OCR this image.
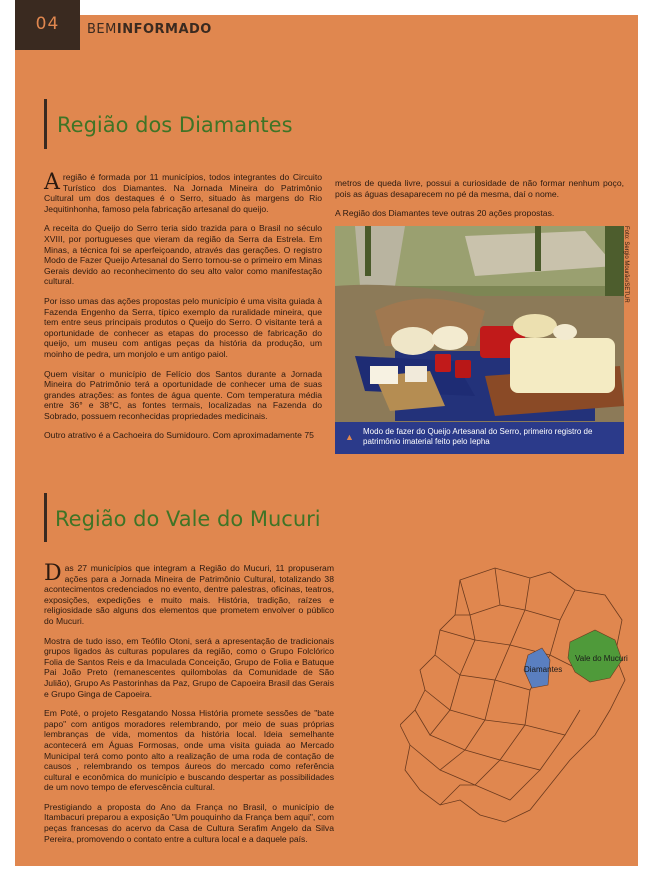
04	BEMINFORMADO
Região dos Diamantes

Aregião é formada por 11 municípios, todos integrantes do Circuito Turístico dos Diamantes. Na Jornada Mineira do Patrimônio Cultural um dos destaques é o Serro, situado às margens do Rio Jequitinhonha, famoso pela fabricação artesanal do queijo.

A receita do Queijo do Serro teria sido trazida para o Brasil no século XVIII, por portugueses que vieram da região da Serra da Estrela. Em Minas, a técnica foi se aperfeiçoando, através das gerações. O registro Modo de Fazer Queijo Artesanal do Serro tornou-se o primeiro em Minas Gerais devido ao reconhecimento do seu alto valor como manifestação cultural.

Por isso umas das ações propostas pelo município é uma visita guiada à Fazenda Engenho da Serra, típico exemplo da ruralidade mineira, que tem entre seus principais produtos o Queijo do Serro. O visitante terá a oportunidade de conhecer as etapas do processo de fabricação do queijo, um museu com antigas peças da história da produção, um moinho de pedra, um monjolo e um antigo paiol.

Quem visitar o município de Felício dos Santos durante a Jornada Mineira do Patrimônio terá a oportunidade de conhecer uma de suas grandes atrações: as fontes de água quente. Com temperatura média entre 36° e 38°C, as fontes termais, localizadas na Fazenda do Sobrado, possuem reconhecidas propriedades medicinais.

Outro atrativo é a Cachoeira do Sumidouro. Com aproximadamente 75

metros de queda livre, possui a curiosidade de não formar nenhum poço, pois as águas desaparecem no pé da mesma, daí o nome.

A Região dos Diamantes teve outras 20 ações propostas.

Foto: Sergio Mourão/SETUR
▲
Modo de fazer do Queijo Artesanal do Serro, primeiro registro de patrimônio imaterial feito pelo Iepha
Região do Vale do Mucuri

Das 27 municípios que integram a Região do Mucuri, 11 propuseram ações para a Jornada Mineira de Patrimônio Cultural, totalizando 38 acontecimentos credenciados no evento, dentre palestras, oficinas, teatros, exposições, expedições e muito mais. História, tradição, raízes e religiosidade são alguns dos elementos que prometem envolver o público do Mucuri.

Mostra de tudo isso, em Teófilo Otoni, será a apresentação de tradicionais grupos ligados às culturas populares da região, como o Grupo Folclórico Folia de Santos Reis e da Imaculada Conceição, Grupo de Folia e Batuque Pai João Preto (remanescentes quilombolas da Comunidade de São Julião), Grupo As Pastorinhas da Paz, Grupo de Capoeira Brasil das Gerais e Grupo Ginga de Capoeira.

Em Poté, o projeto Resgatando Nossa História promete sessões de "bate papo" com antigos moradores relembrando, por meio de suas próprias lembranças de vida, momentos da história local. Ideia semelhante acontecerá em Águas Formosas, onde uma visita guiada ao Mercado Municipal terá como ponto alto a realização de uma roda de contação de causos , relembrando os tempos áureos do mercado como referência cultural e econômica do município e buscando despertar as possibilidades de um novo tempo de efervescência cultural.

Prestigiando a proposta do Ano da França no Brasil, o município de Itambacuri preparou a exposição "Um pouquinho da França bem aqui", com peças francesas do acervo da Casa de Cultura Serafim Angelo da Silva Pereira, promovendo o contato entre a cultura local e a daquele país.

Diamantes
Vale do Mucuri
